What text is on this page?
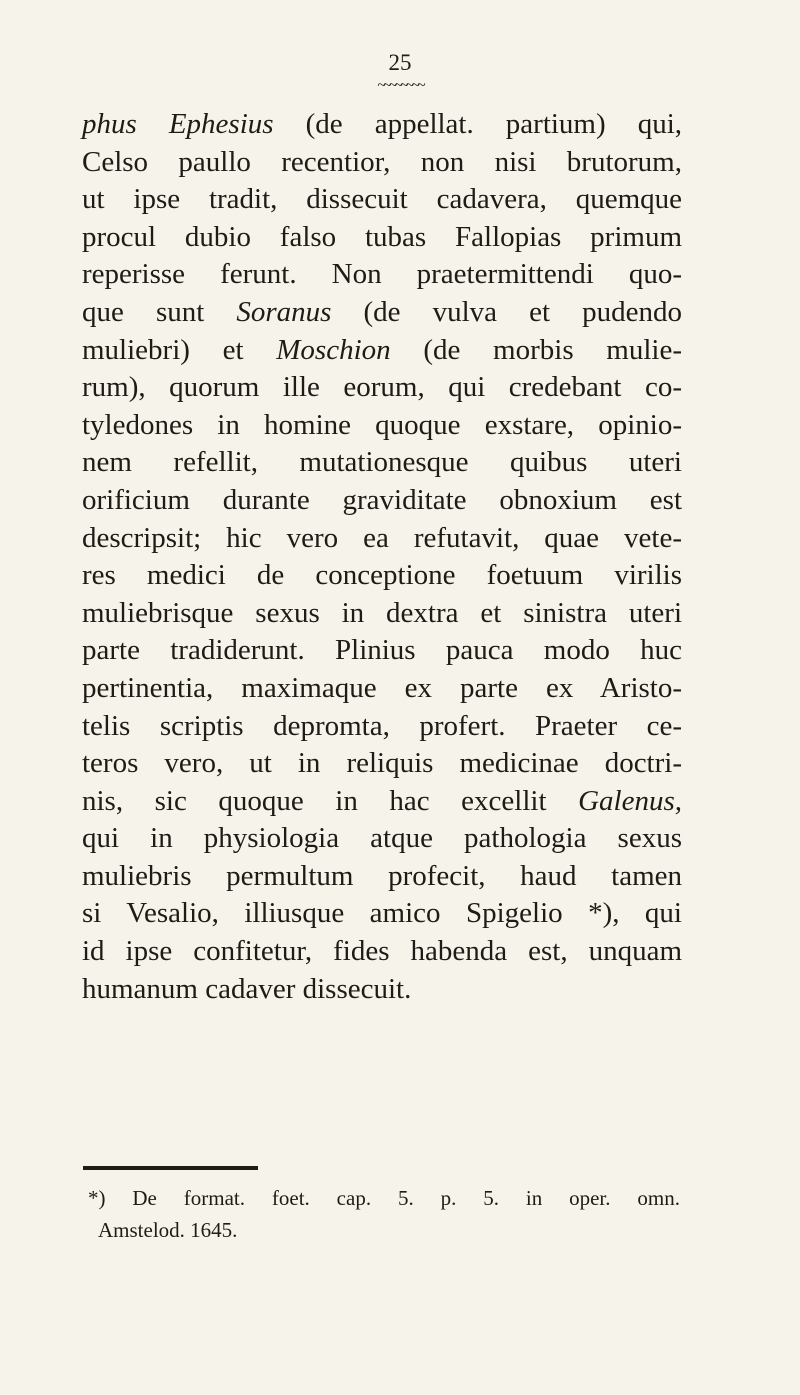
25
~~~~~~~~
phus Ephesius (de appellat. partium) qui,
Celso paullo recentior, non nisi brutorum,
ut ipse tradit, dissecuit cadavera, quemque
procul dubio falso tubas Fallopias primum
reperisse ferunt. Non praetermittendi quo-
que sunt Soranus (de vulva et pudendo
muliebri) et Moschion (de morbis mulie-
rum), quorum ille eorum, qui credebant co-
tyledones in homine quoque exstare, opinio-
nem refellit, mutationesque quibus uteri
orificium durante graviditate obnoxium est
descripsit; hic vero ea refutavit, quae vete-
res medici de conceptione foetuum virilis
muliebrisque sexus in dextra et sinistra uteri
parte tradiderunt. Plinius pauca modo huc
pertinentia, maximaque ex parte ex Aristo-
telis scriptis depromta, profert. Praeter ce-
teros vero, ut in reliquis medicinae doctri-
nis, sic quoque in hac excellit Galenus,
qui in physiologia atque pathologia sexus
muliebris permultum profecit, haud tamen
si Vesalio, illiusque amico Spigelio *), qui
id ipse confitetur, fides habenda est, unquam
humanum cadaver dissecuit.
*) De format. foet. cap. 5. p. 5. in oper. omn.
Amstelod. 1645.
